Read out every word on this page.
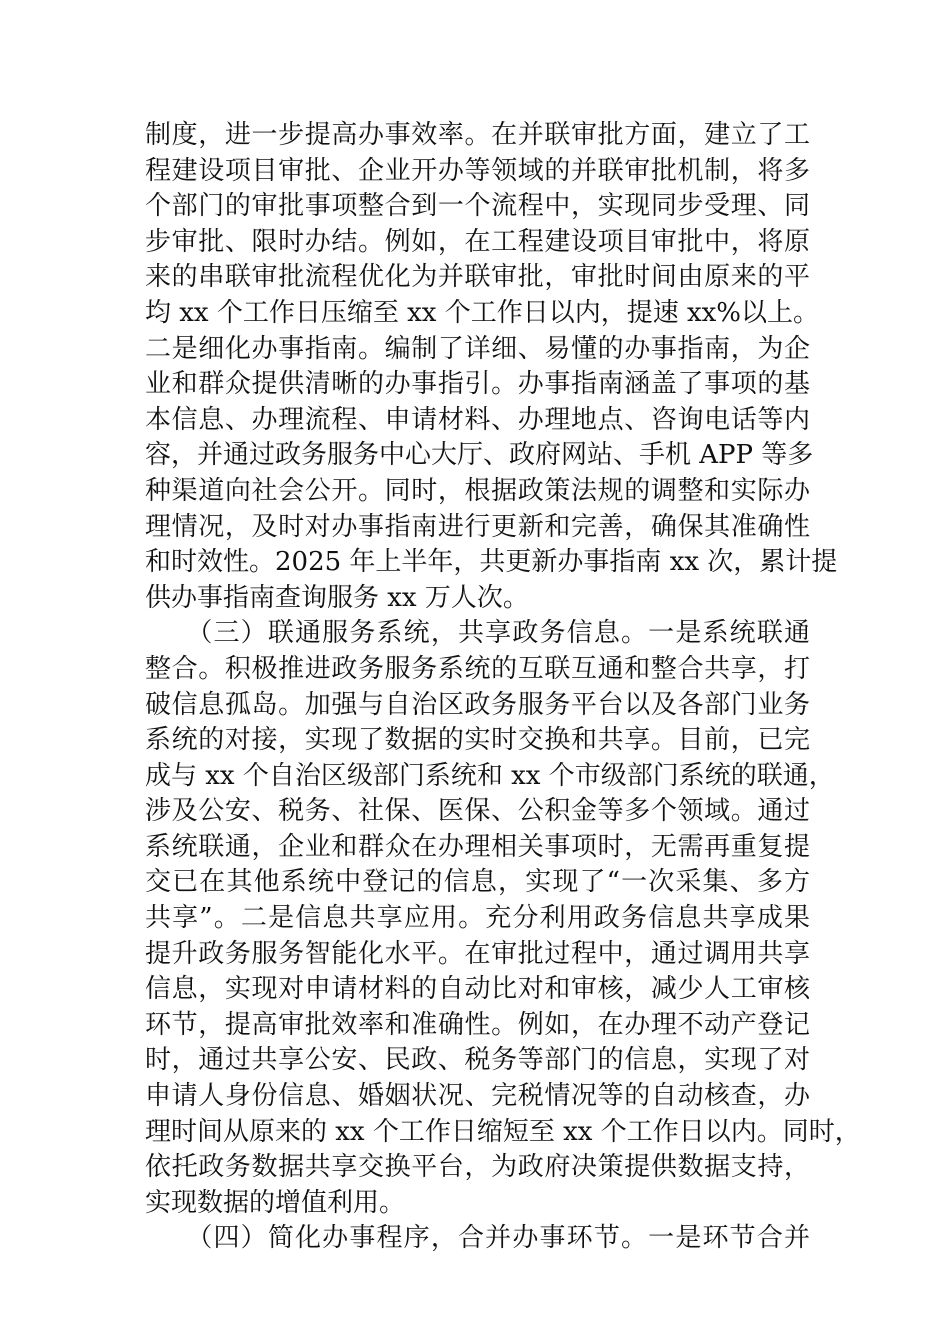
制度，进一步提高办事效率。在并联审批方面，建立了工
程建设项目审批、企业开办等领域的并联审批机制，将多
个部门的审批事项整合到一个流程中，实现同步受理、同
步审批、限时办结。例如，在工程建设项目审批中，将原
来的串联审批流程优化为并联审批，审批时间由原来的平
均 xx 个工作日压缩至 xx 个工作日以内，提速 xx%以上。
二是细化办事指南。编制了详细、易懂的办事指南，为企
业和群众提供清晰的办事指引。办事指南涵盖了事项的基
本信息、办理流程、申请材料、办理地点、咨询电话等内
容，并通过政务服务中心大厅、政府网站、手机 APP 等多
种渠道向社会公开。同时，根据政策法规的调整和实际办
理情况，及时对办事指南进行更新和完善，确保其准确性
和时效性。2025 年上半年，共更新办事指南 xx 次，累计提
供办事指南查询服务 xx 万人次。
　　（三）联通服务系统，共享政务信息。一是系统联通
整合。积极推进政务服务系统的互联互通和整合共享，打
破信息孤岛。加强与自治区政务服务平台以及各部门业务
系统的对接，实现了数据的实时交换和共享。目前，已完
成与 xx 个自治区级部门系统和 xx 个市级部门系统的联通，
涉及公安、税务、社保、医保、公积金等多个领域。通过
系统联通，企业和群众在办理相关事项时，无需再重复提
交已在其他系统中登记的信息，实现了“一次采集、多方
共享”。二是信息共享应用。充分利用政务信息共享成果
提升政务服务智能化水平。在审批过程中，通过调用共享
信息，实现对申请材料的自动比对和审核，减少人工审核
环节，提高审批效率和准确性。例如，在办理不动产登记
时，通过共享公安、民政、税务等部门的信息，实现了对
申请人身份信息、婚姻状况、完税情况等的自动核查，办
理时间从原来的 xx 个工作日缩短至 xx 个工作日以内。同时，
依托政务数据共享交换平台，为政府决策提供数据支持，
实现数据的增值利用。
　　（四）简化办事程序，合并办事环节。一是环节合并
